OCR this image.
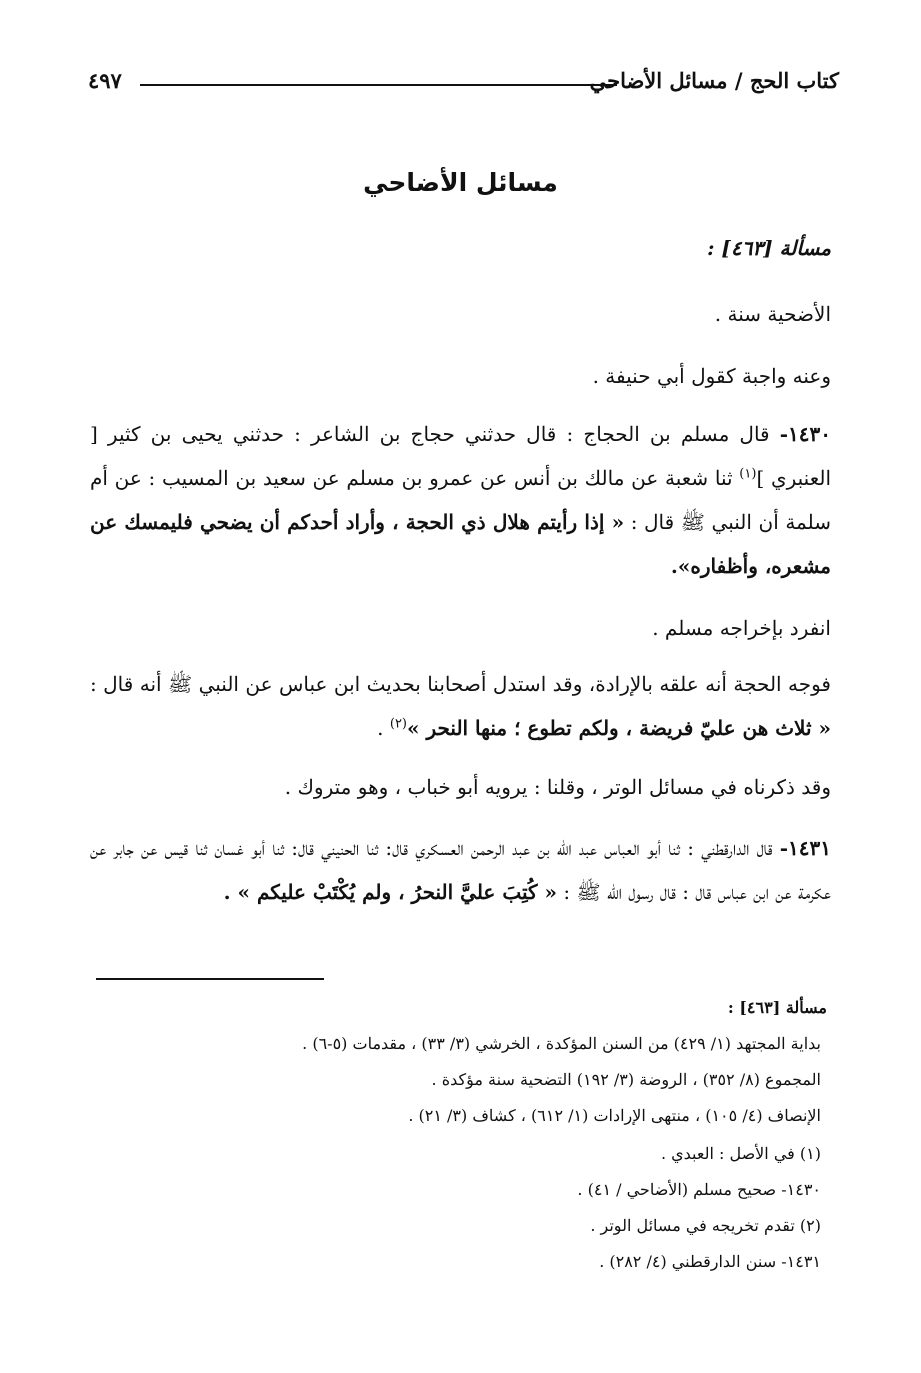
٤٩٧	كتاب الحج / مسائل الأضاحي
مسائل الأضاحي
مسألة [٤٦٣] :
الأضحية سنة .
وعنه واجبة كقول أبي حنيفة .
١٤٣٠- قال مسلم بن الحجاج : قال حدثني حجاج بن الشاعر : حدثني يحيى بن كثير [ العنبري ]$^{(١)}$ ثنا شعبة عن مالك بن أنس عن عمرو بن مسلم عن سعيد بن المسيب : عن أم سلمة أن النبي ﷺ قال : « إذا رأيتم هلال ذي الحجة ، وأراد أحدكم أن يضحي فليمسك عن مشعره، وأظفاره».
انفرد بإخراجه مسلم .
فوجه الحجة أنه علقه بالإرادة، وقد استدل أصحابنا بحديث ابن عباس عن النبي ﷺ أنه قال : « ثلاث هن عليّ فريضة ، ولكم تطوع ؛ منها النحر »$^{(٢)}$ .
وقد ذكرناه في مسائل الوتر ، وقلنا : يرويه أبو خباب ، وهو متروك .
١٤٣١- قال الدارقطني : ثنا أبو العباس عبد الله بن عبد الرحمن العسكري قال: ثنا الحنيني قال: ثنا أبو غسان ثنا قيس عن جابر عن عكرمة عن ابن عباس قال : قال رسول الله ﷺ : « كُتِبَ عليَّ النحرُ ، ولم يُكْتَبْ عليكم » .
مسألة [٤٦٣] :
بداية المجتهد (١/ ٤٢٩) من السنن المؤكدة ، الخرشي (٣/ ٣٣) ، مقدمات (٥-٦) .
المجموع (٨/ ٣٥٢) ، الروضة (٣/ ١٩٢) التضحية سنة مؤكدة .
الإنصاف (٤/ ١٠٥) ، منتهى الإرادات (١/ ٦١٢) ، كشاف (٣/ ٢١) .
(١) في الأصل : العبدي .
١٤٣٠- صحيح مسلم (الأضاحي / ٤١) .
(٢) تقدم تخريجه في مسائل الوتر .
١٤٣١- سنن الدارقطني (٤/ ٢٨٢) .
